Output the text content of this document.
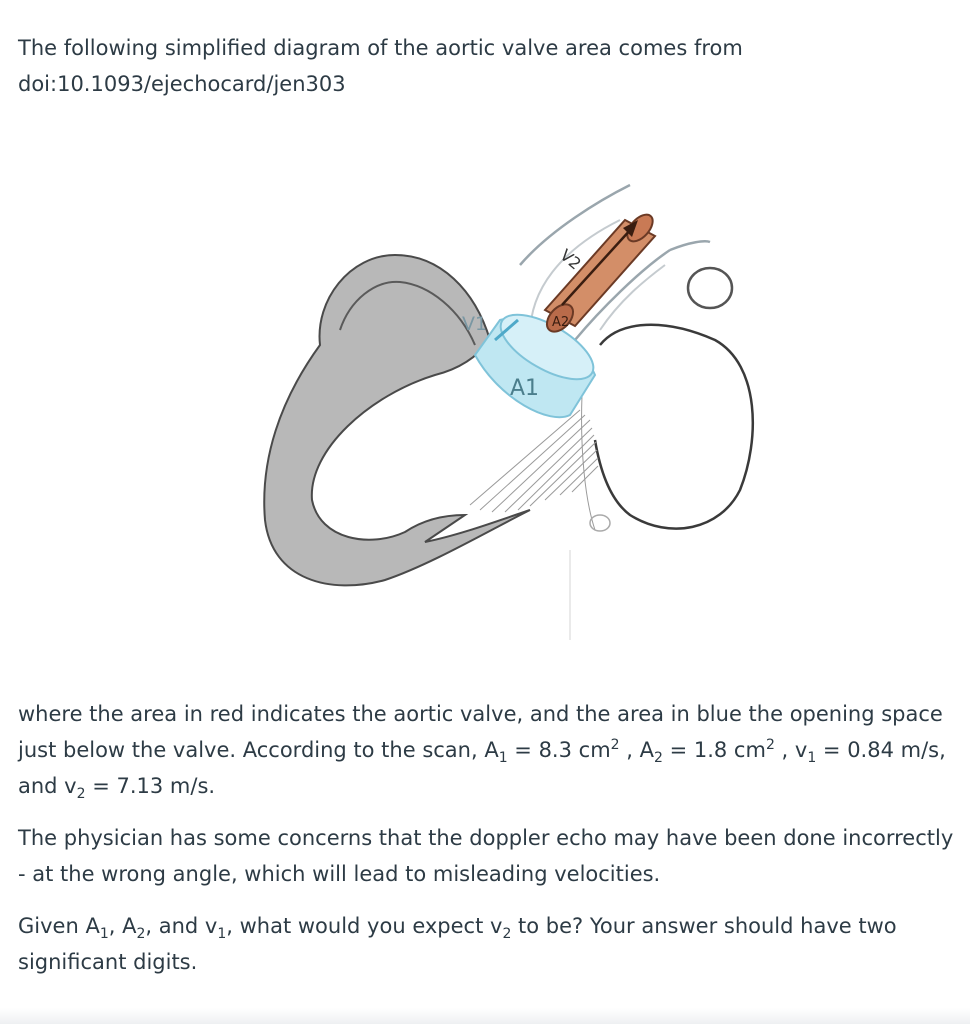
The following simplified diagram of the aortic valve area comes from

doi:10.1093/ejechocard/jen303

A1
V1	A2
V2

where the area in red indicates the aortic valve, and the area in blue the opening space just below the valve. According to the scan, $A_1 = 8.3$ $cm^2$ , $A_2 = 1.8$ $cm^2$ , $v_1 = 0.84$ m/s, and $v_2 = 7.13$ m/s.

The physician has some concerns that the doppler echo may have been done incorrectly - at the wrong angle, which will lead to misleading velocities.

Given $A_1$, $A_2$, and $v_1$, what would you expect $v_2$ to be? Your answer should have two significant digits.
